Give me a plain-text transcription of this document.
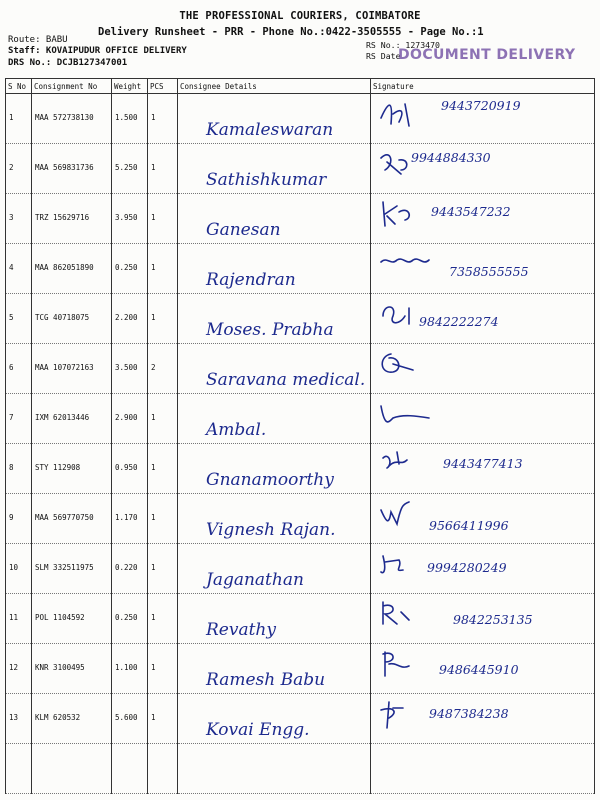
THE PROFESSIONAL COURIERS, COIMBATORE
Delivery Runsheet - PRR - Phone No.:0422-3505555 - Page No.:1
Route: BABU
Staff: KOVAIPUDUR OFFICE DELIVERY
DRS No.: DCJB127347001
RS No.: 1273470
RS Date
DOCUMENT DELIVERY
S No	Consignment No	Weight	PCS	Consignee Details	Signature

1	MAA 572738130	1.500	1	Kamaleswaran	9443720919

2	MAA 569831736	5.250	1	Sathishkumar	9944884330

3	TRZ 15629716	3.950	1	Ganesan	9443547232

4	MAA 862051890	0.250	1	Rajendran	7358555555

5	TCG 40718075	2.200	1	Moses. Prabha	9842222274

6	MAA 107072163	3.500	2	Saravana medical.

7	IXM 62013446	2.900	1	Ambal.

8	STY 112908	0.950	1	Gnanamoorthy	9443477413

9	MAA 569770750	1.170	1	Vignesh Rajan.	9566411996

10	SLM 332511975	0.220	1	Jaganathan	9994280249

11	POL 1104592	0.250	1	Revathy	9842253135

12	KNR 3100495	1.100	1	Ramesh Babu	9486445910

13	KLM 620532	5.600	1	Kovai Engg.	9487384238
